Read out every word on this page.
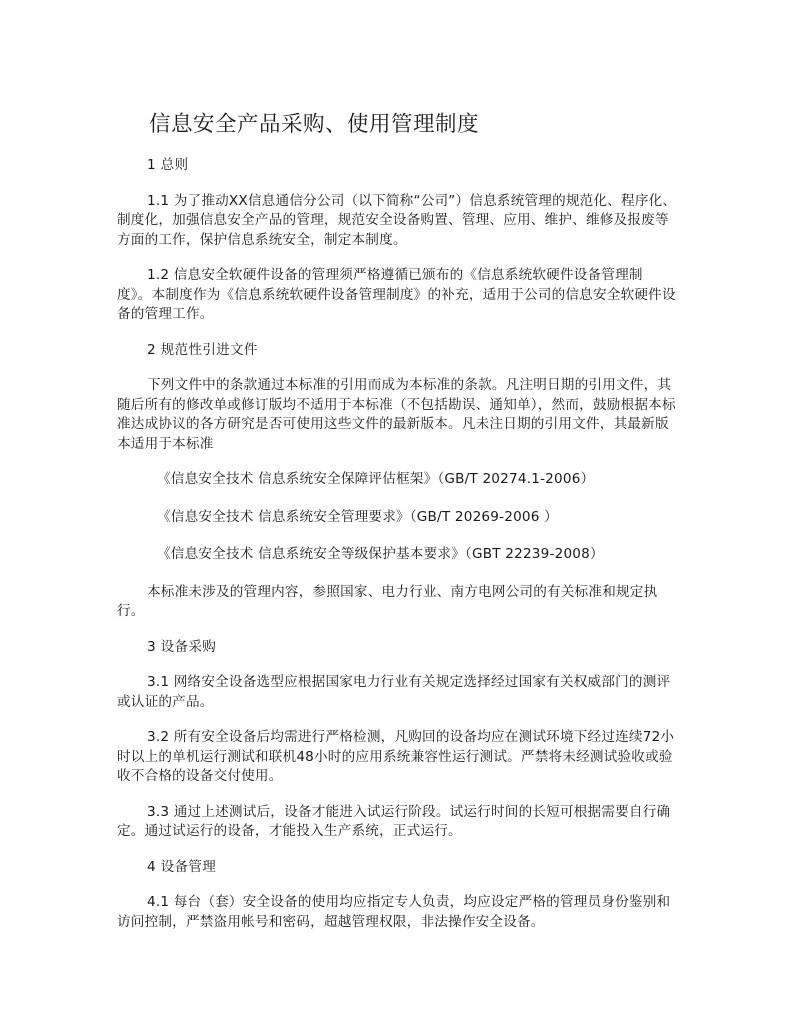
信息安全产品采购、使用管理制度
1 总则

1.1 为了推动XX信息通信分公司（以下简称“公司”）信息系统管理的规范化、程序化、制度化，加强信息安全产品的管理，规范安全设备购置、管理、应用、维护、维修及报废等方面的工作，保护信息系统安全，制定本制度。

1.2 信息安全软硬件设备的管理须严格遵循已颁布的《信息系统软硬件设备管理制度》。本制度作为《信息系统软硬件设备管理制度》的补充，适用于公司的信息安全软硬件设备的管理工作。

2 规范性引进文件

下列文件中的条款通过本标准的引用而成为本标准的条款。凡注明日期的引用文件，其随后所有的修改单或修订版均不适用于本标准（不包括勘误、通知单），然而，鼓励根据本标准达成协议的各方研究是否可使用这些文件的最新版本。凡未注日期的引用文件，其最新版本适用于本标准

《信息安全技术 信息系统安全保障评估框架》（GB/T 20274.1-2006）
《信息安全技术 信息系统安全管理要求》（GB/T 20269-2006 ）
《信息安全技术 信息系统安全等级保护基本要求》（GBT 22239-2008）

本标准未涉及的管理内容，参照国家、电力行业、南方电网公司的有关标准和规定执行。

3 设备采购

3.1 网络安全设备选型应根据国家电力行业有关规定选择经过国家有关权威部门的测评或认证的产品。

3.2 所有安全设备后均需进行严格检测，凡购回的设备均应在测试环境下经过连续72小时以上的单机运行测试和联机48小时的应用系统兼容性运行测试。严禁将未经测试验收或验收不合格的设备交付使用。

3.3 通过上述测试后，设备才能进入试运行阶段。试运行时间的长短可根据需要自行确定。通过试运行的设备，才能投入生产系统，正式运行。

4 设备管理

4.1 每台（套）安全设备的使用均应指定专人负责，均应设定严格的管理员身份鉴别和访问控制，严禁盗用帐号和密码，超越管理权限，非法操作安全设备。
